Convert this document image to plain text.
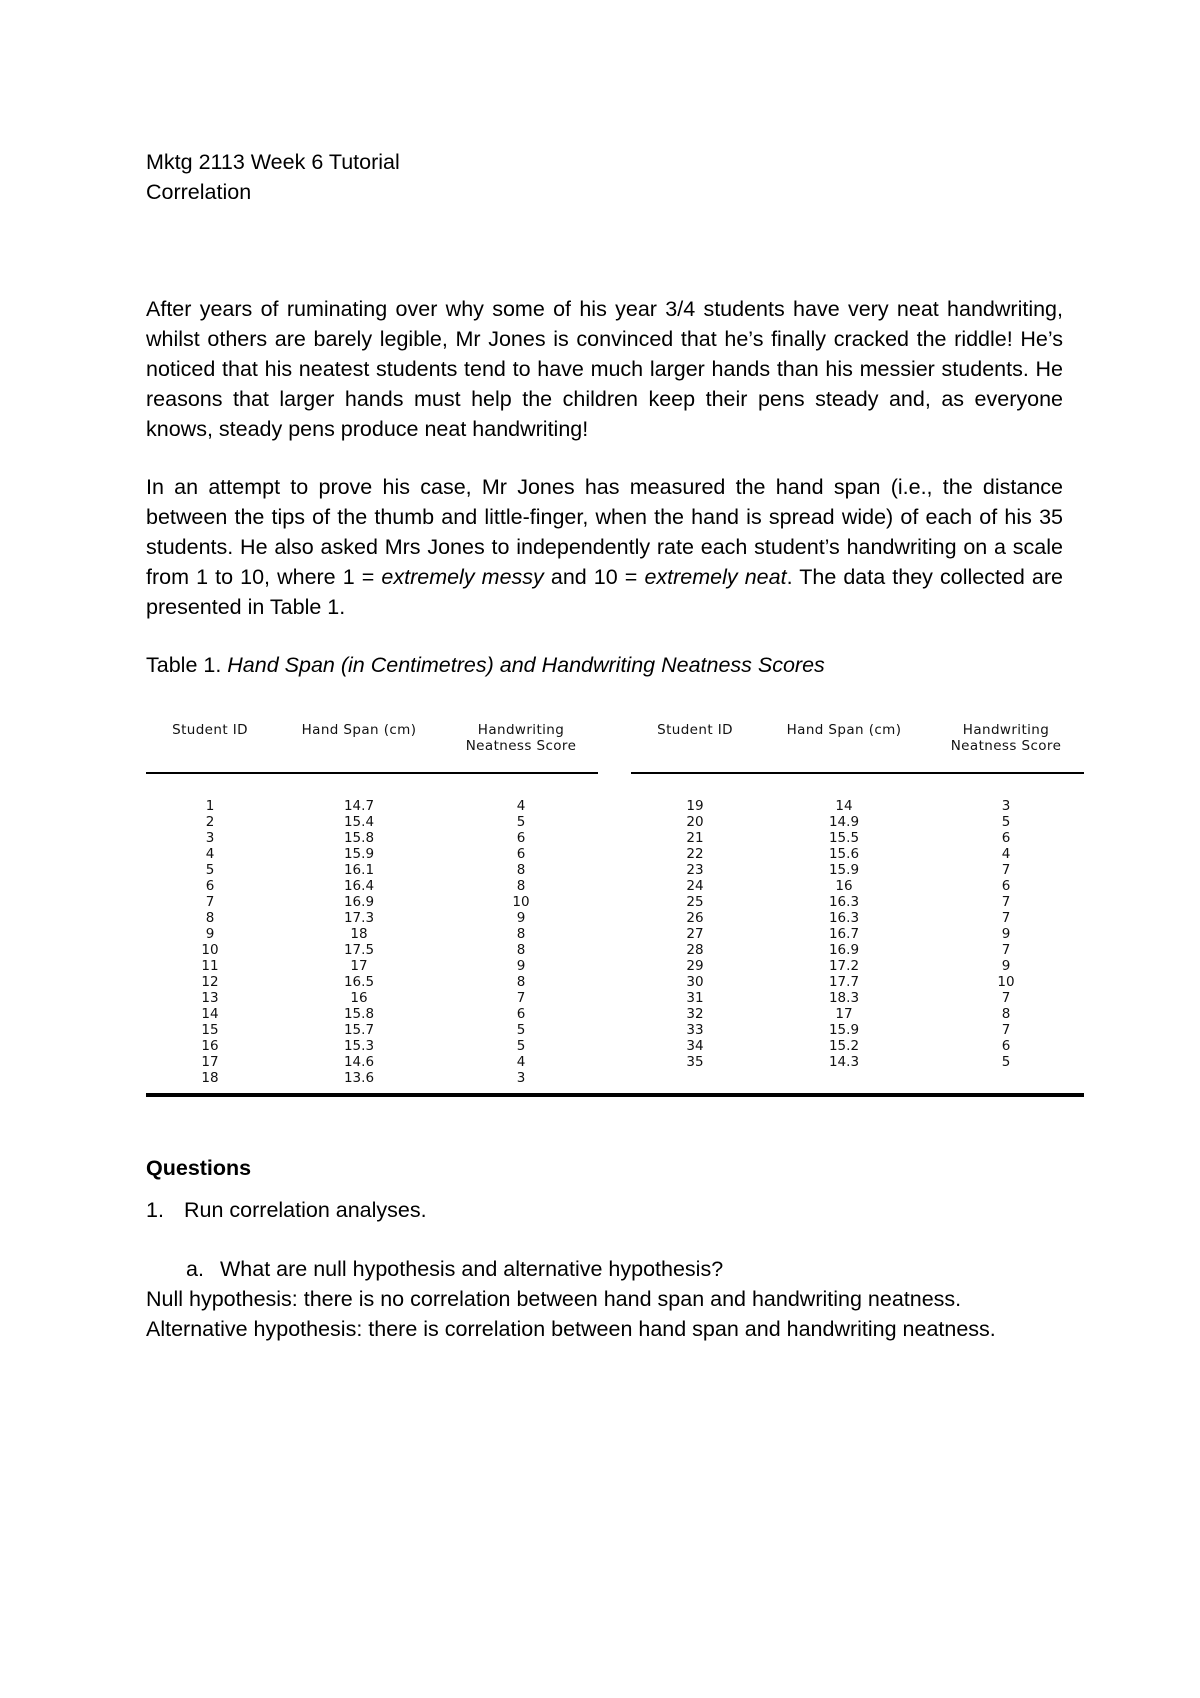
Mktg 2113 Week 6 Tutorial
Correlation
After years of ruminating over why some of his year 3/4 students have very neat handwriting, whilst others are barely legible, Mr Jones is convinced that he’s finally cracked the riddle! He’s noticed that his neatest students tend to have much larger hands than his messier students. He reasons that larger hands must help the children keep their pens steady and, as everyone knows, steady pens produce neat handwriting!
In an attempt to prove his case, Mr Jones has measured the hand span (i.e., the distance between the tips of the thumb and little-finger, when the hand is spread wide) of each of his 35 students. He also asked Mrs Jones to independently rate each student’s handwriting on a scale from 1 to 10, where 1 = extremely messy and 10 = extremely neat. The data they collected are presented in Table 1.
Table 1. Hand Span (in Centimetres) and Handwriting Neatness Scores
Student ID	Hand Span (cm)	Handwriting
Neatness Score
1	14.7	4
2	15.4	5
3	15.8	6
4	15.9	6
5	16.1	8
6	16.4	8
7	16.9	10
8	17.3	9
9	18	8
10	17.5	8
11	17	9
12	16.5	8
13	16	7
14	15.8	6
15	15.7	5
16	15.3	5
17	14.6	4
18	13.6	3
Student ID	Hand Span (cm)	Handwriting
Neatness Score
19	14	3
20	14.9	5
21	15.5	6
22	15.6	4
23	15.9	7
24	16	6
25	16.3	7
26	16.3	7
27	16.7	9
28	16.9	7
29	17.2	9
30	17.7	10
31	18.3	7
32	17	8
33	15.9	7
34	15.2	6
35	14.3	5
Questions
1. Run correlation analyses.
a. What are null hypothesis and alternative hypothesis?
Null hypothesis: there is no correlation between hand span and handwriting neatness.
Alternative hypothesis: there is correlation between hand span and handwriting neatness.
